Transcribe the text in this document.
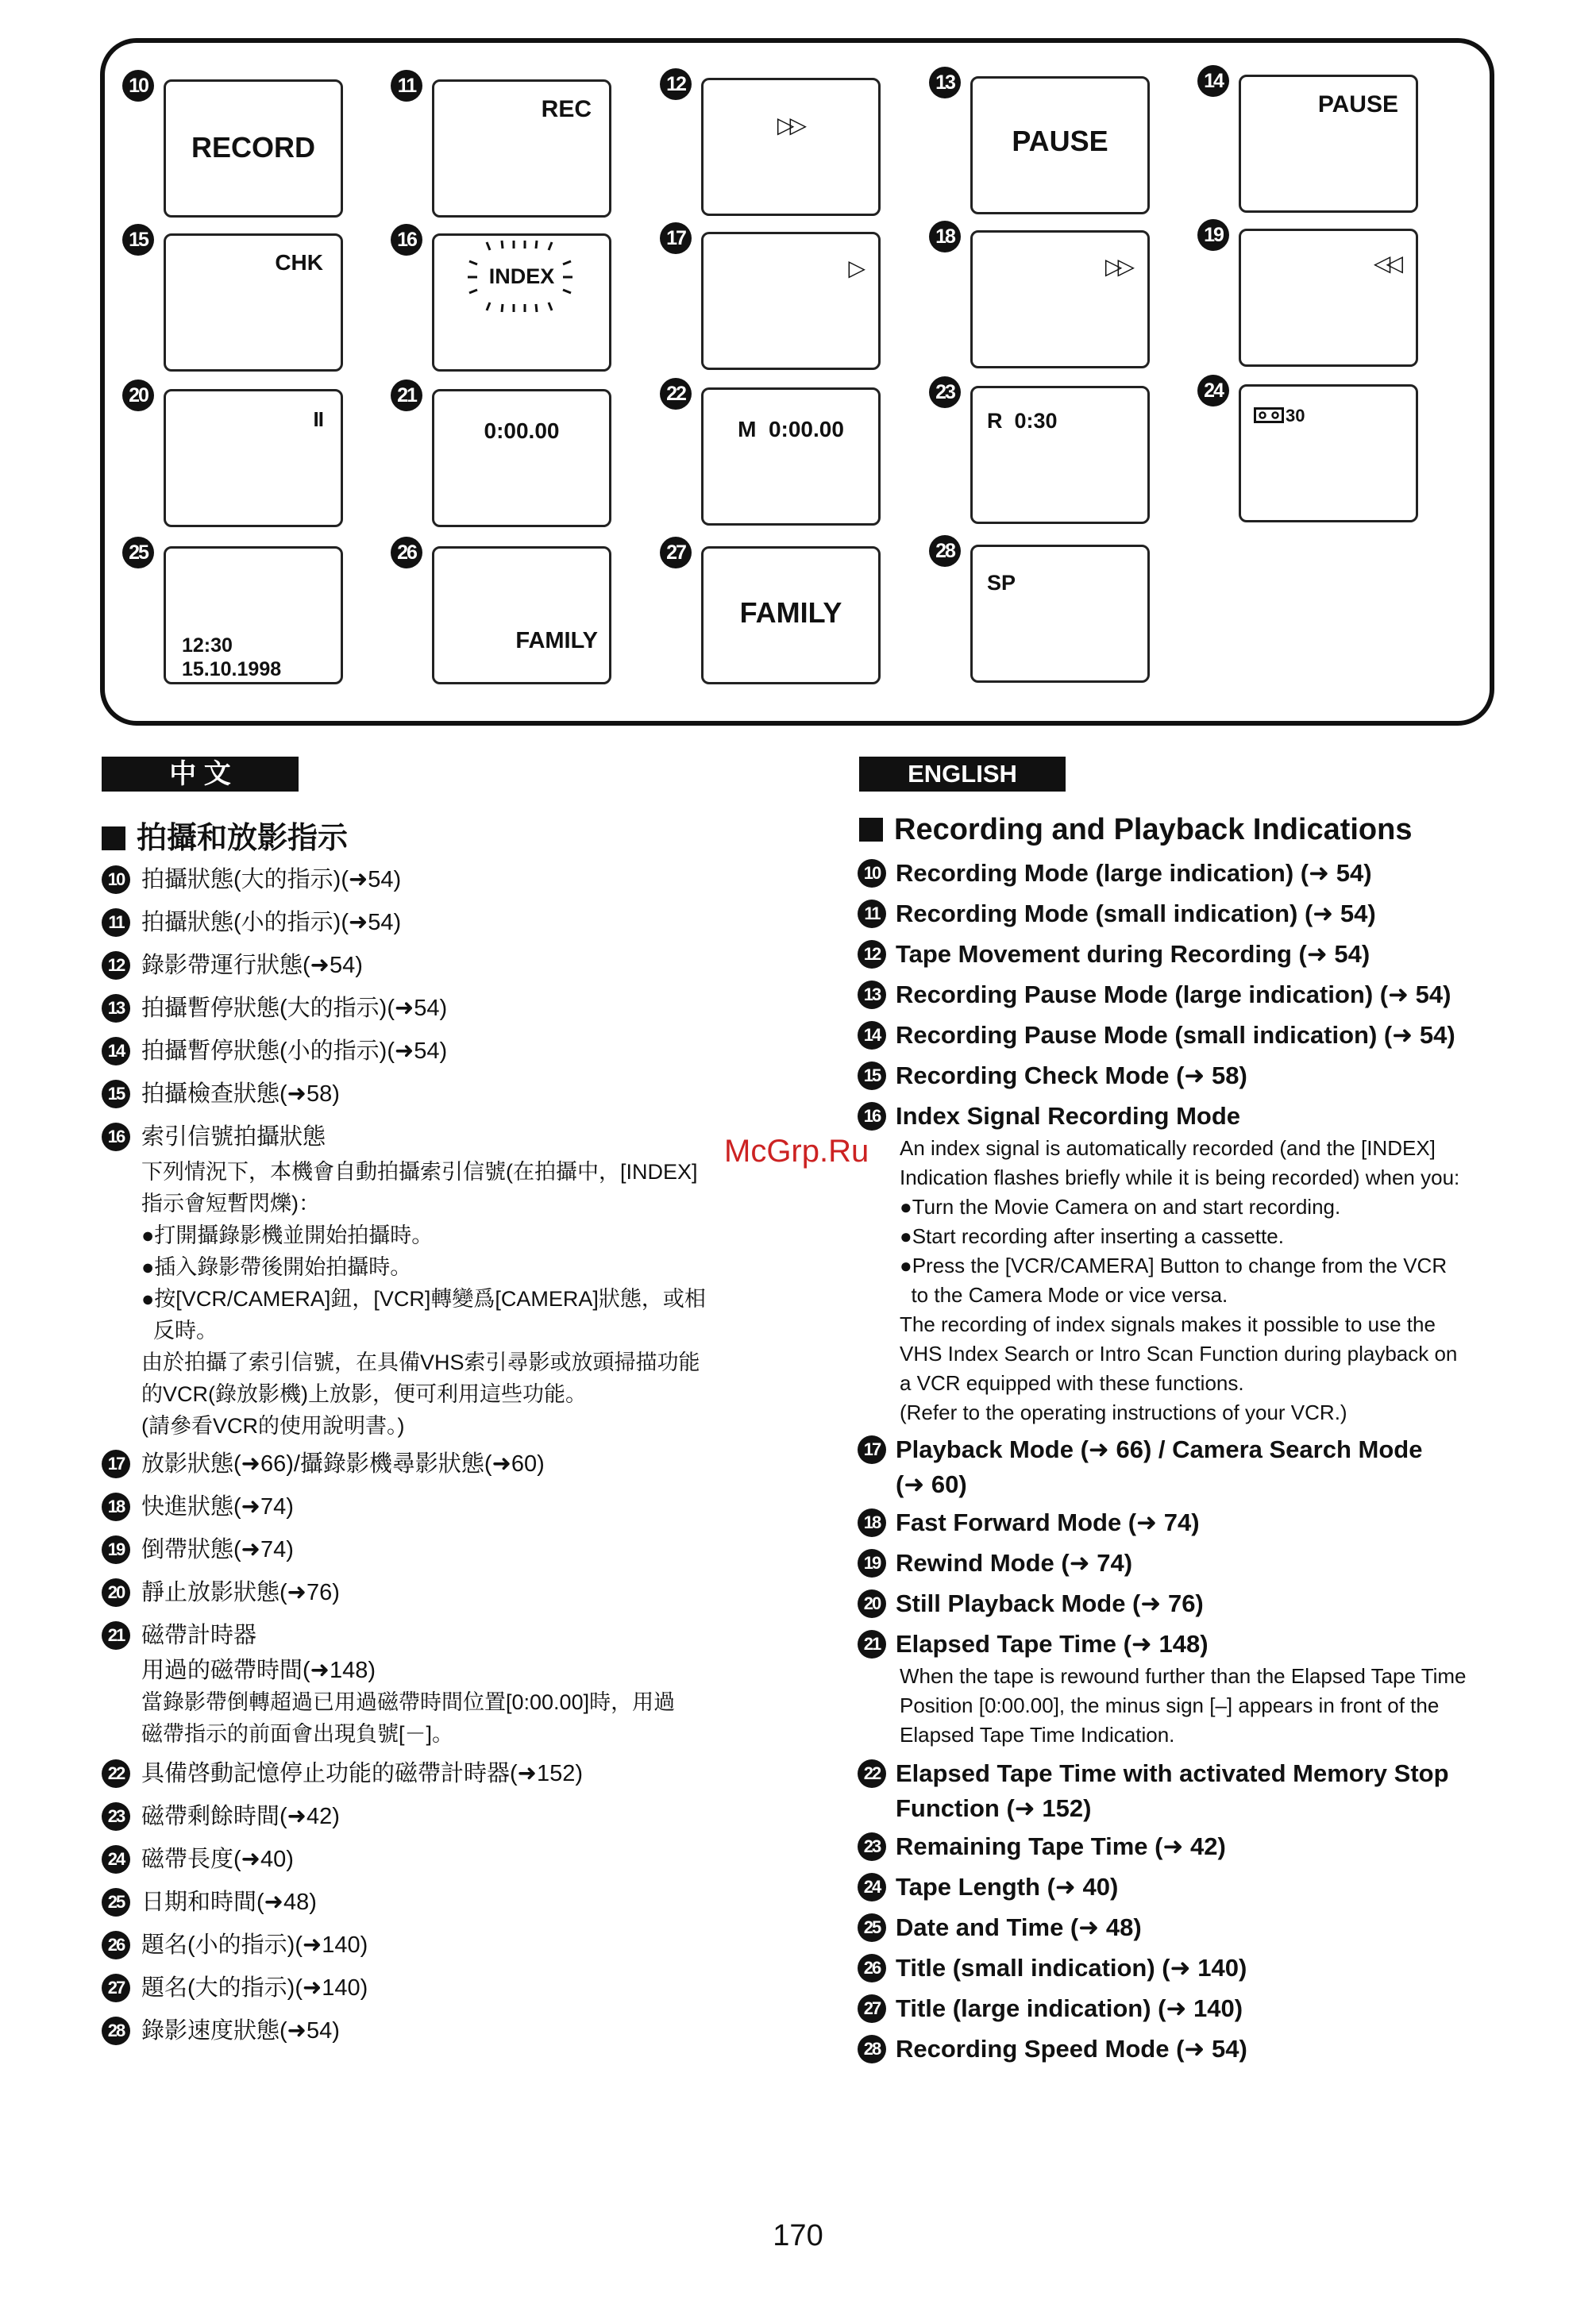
10
RECORD
11
REC
12
▷▷
13
PAUSE
14
PAUSE
15
CHK
16
INDEX
17
▷
18
▷▷
19
◁◁
20
II
21
0:00.00
22
M  0:00.00
23
R  0:30
24
30
25
12:30
15.10.1998
26
FAMILY
27
FAMILY
28
SP
中 文
拍攝和放影指示
10 拍攝狀態(大的指示)(➜54)
11 拍攝狀態(小的指示)(➜54)
12 錄影帶運行狀態(➜54)
13 拍攝暫停狀態(大的指示)(➜54)
14 拍攝暫停狀態(小的指示)(➜54)
15 拍攝檢查狀態(➜58)
16 索引信號拍攝狀態
下列情況下，本機會自動拍攝索引信號(在拍攝中，[INDEX]
指示會短暫閃爍)：
●打開攝錄影機並開始拍攝時。
●插入錄影帶後開始拍攝時。
●按[VCR/CAMERA]鈕，[VCR]轉變爲[CAMERA]狀態，或相
反時。
由於拍攝了索引信號，在具備VHS索引尋影或放頭掃描功能
的VCR(錄放影機)上放影，便可利用這些功能。
(請參看VCR的使用說明書。)
17 放影狀態(➜66)/攝錄影機尋影狀態(➜60)
18 快進狀態(➜74)
19 倒帶狀態(➜74)
20 靜止放影狀態(➜76)
21 磁帶計時器
用過的磁帶時間(➜148)
當錄影帶倒轉超過已用過磁帶時間位置[0:00.00]時，用過
磁帶指示的前面會出現負號[－]。
22 具備啓動記憶停止功能的磁帶計時器(➜152)
23 磁帶剩餘時間(➜42)
24 磁帶長度(➜40)
25 日期和時間(➜48)
26 題名(小的指示)(➜140)
27 題名(大的指示)(➜140)
28 錄影速度狀態(➜54)
ENGLISH
Recording and Playback Indications
10 Recording Mode (large indication) (➜ 54)
11 Recording Mode (small indication) (➜ 54)
12 Tape Movement during Recording (➜ 54)
13 Recording Pause Mode (large indication) (➜ 54)
14 Recording Pause Mode (small indication) (➜ 54)
15 Recording Check Mode (➜ 58)
16 Index Signal Recording Mode
An index signal is automatically recorded (and the [INDEX]
Indication flashes briefly while it is being recorded) when you:
●Turn the Movie Camera on and start recording.
●Start recording after inserting a cassette.
●Press the [VCR/CAMERA] Button to change from the VCR
to the Camera Mode or vice versa.
The recording of index signals makes it possible to use the
VHS Index Search or Intro Scan Function during playback on
a VCR equipped with these functions.
(Refer to the operating instructions of your VCR.)
17 Playback Mode (➜ 66) / Camera Search Mode
(➜ 60)
18 Fast Forward Mode (➜ 74)
19 Rewind Mode (➜ 74)
20 Still Playback Mode (➜ 76)
21 Elapsed Tape Time (➜ 148)
When the tape is rewound further than the Elapsed Tape Time
Position [0:00.00], the minus sign [–] appears in front of the
Elapsed Tape Time Indication.
22 Elapsed Tape Time with activated Memory Stop
Function (➜ 152)
23 Remaining Tape Time (➜ 42)
24 Tape Length (➜ 40)
25 Date and Time (➜ 48)
26 Title (small indication) (➜ 140)
27 Title (large indication) (➜ 140)
28 Recording Speed Mode (➜ 54)
McGrp.Ru
170
